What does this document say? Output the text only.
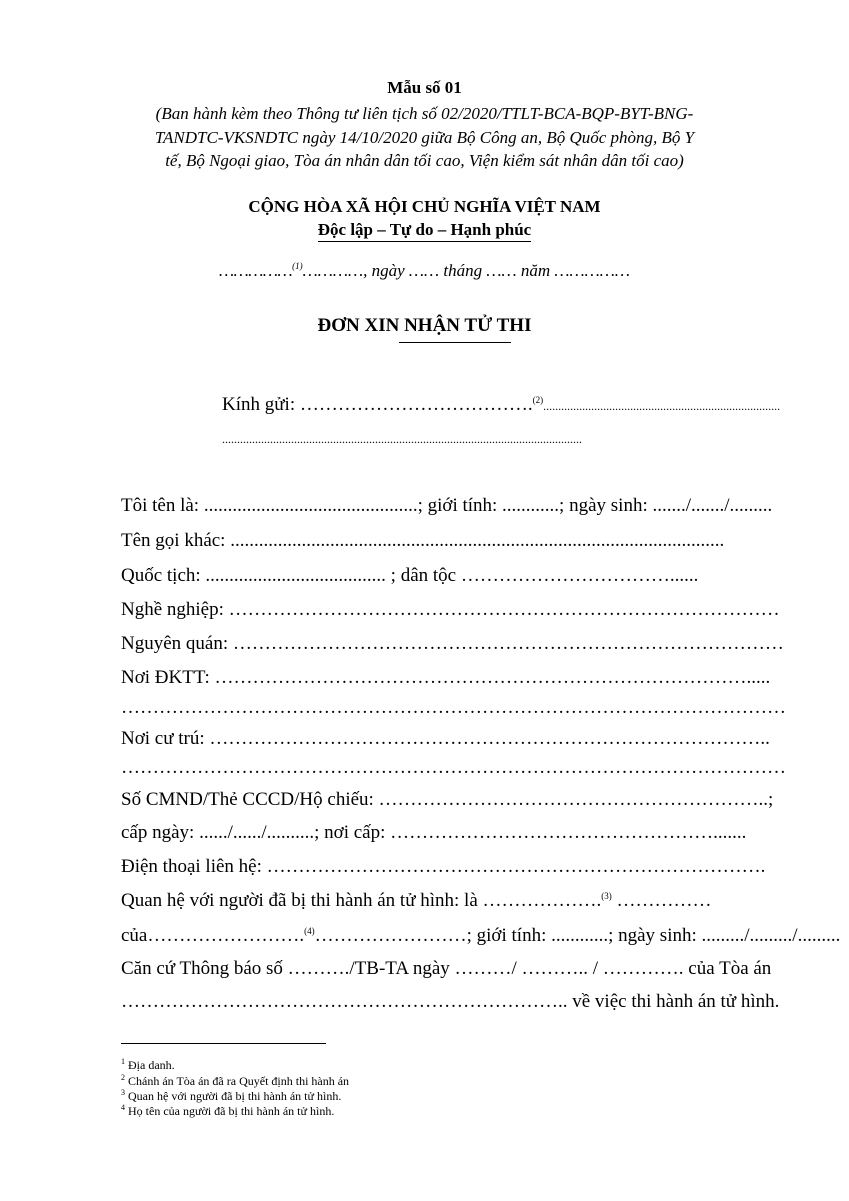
Mẫu số 01
(Ban hành kèm theo Thông tư liên tịch số 02/2020/TTLT-BCA-BQP-BYT-BNG-
TANDTC-VKSNDTC ngày 14/10/2020 giữa Bộ Công an, Bộ Quốc phòng, Bộ Y
tế, Bộ Ngoại giao, Tòa án nhân dân tối cao, Viện kiểm sát nhân dân tối cao)
CỘNG HÒA XÃ HỘI CHỦ NGHĨA VIỆT NAM
Độc lập – Tự do – Hạnh phúc
……………$^{(1)}$…………, ngày …… tháng …… năm ……………
ĐƠN XIN NHẬN TỬ THI
Kính gửi: ……………………………….$^{(2)}$...............................................................................
........................................................................................................................
Tôi tên là: .............................................; giới tính: ............; ngày sinh: ......./......./.........
Tên gọi khác: ........................................................................................................
Quốc tịch: ...................................... ; dân tộc ……………………………......
Nghề nghiệp: ……………………………………………………………………………
Nguyên quán: ……………………………………………………………………………
Nơi ĐKTT: ………………………………………………………………………….....
……………………………………………………………………………………………
Nơi cư trú: ……………………………………………………………………………..
……………………………………………………………………………………………
Số CMND/Thẻ CCCD/Hộ chiếu: ……………………………………………………..;
cấp ngày: ....../....../..........; nơi cấp: …………………………………………….......
Điện thoại liên hệ: …………………………………………………………………….
Quan hệ với người đã bị thi hành án tử hình: là ……………….$^{(3)}$ ……………
của…………………….$^{(4)}$……………………; giới tính: ............; ngày sinh: ........./........./.........
Căn cứ Thông báo số ………./TB-TA ngày ………/ ……….. / …………. của Tòa án
…………………………………………………………….. về việc thi hành án tử hình.
$^1$ Địa danh.
$^2$ Chánh án Tòa án đã ra Quyết định thi hành án
$^3$ Quan hệ với người đã bị thi hành án tử hình.
$^4$ Họ tên của người đã bị thi hành án tử hình.
